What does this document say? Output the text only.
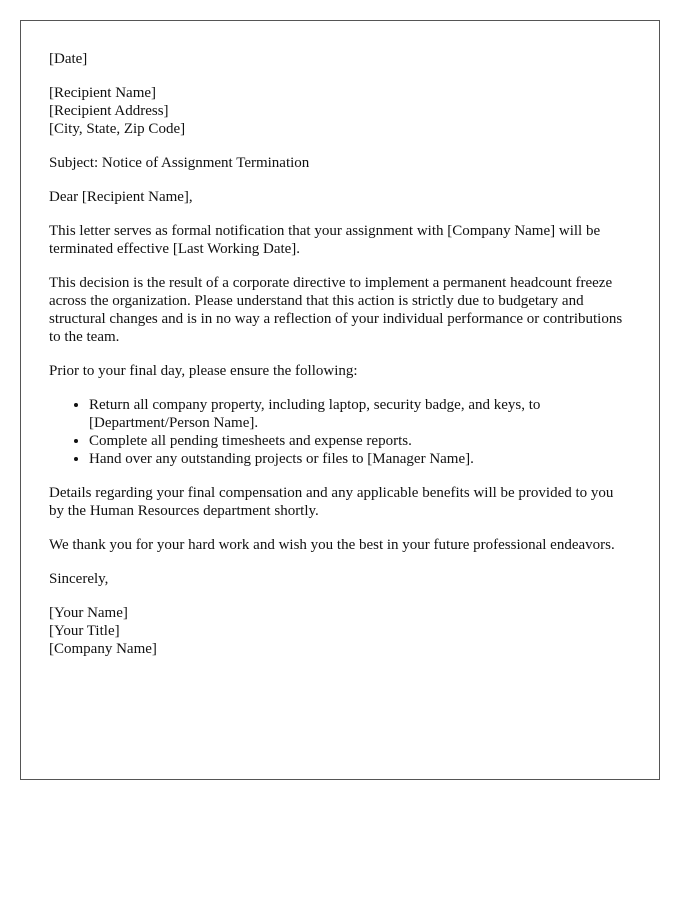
[Date]
[Recipient Name]
[Recipient Address]
[City, State, Zip Code]

Subject: Notice of Assignment Termination

Dear [Recipient Name],

This letter serves as formal notification that your assignment with [Company Name] will be terminated effective [Last Working Date].

This decision is the result of a corporate directive to implement a permanent headcount freeze across the organization. Please understand that this action is strictly due to budgetary and structural changes and is in no way a reflection of your individual performance or contributions to the team.

Prior to your final day, please ensure the following:

• Return all company property, including laptop, security badge, and keys, to [Department/Person Name].
• Complete all pending timesheets and expense reports.
• Hand over any outstanding projects or files to [Manager Name].

Details regarding your final compensation and any applicable benefits will be provided to you by the Human Resources department shortly.

We thank you for your hard work and wish you the best in your future professional endeavors.

Sincerely,

[Your Name]
[Your Title]
[Company Name]
